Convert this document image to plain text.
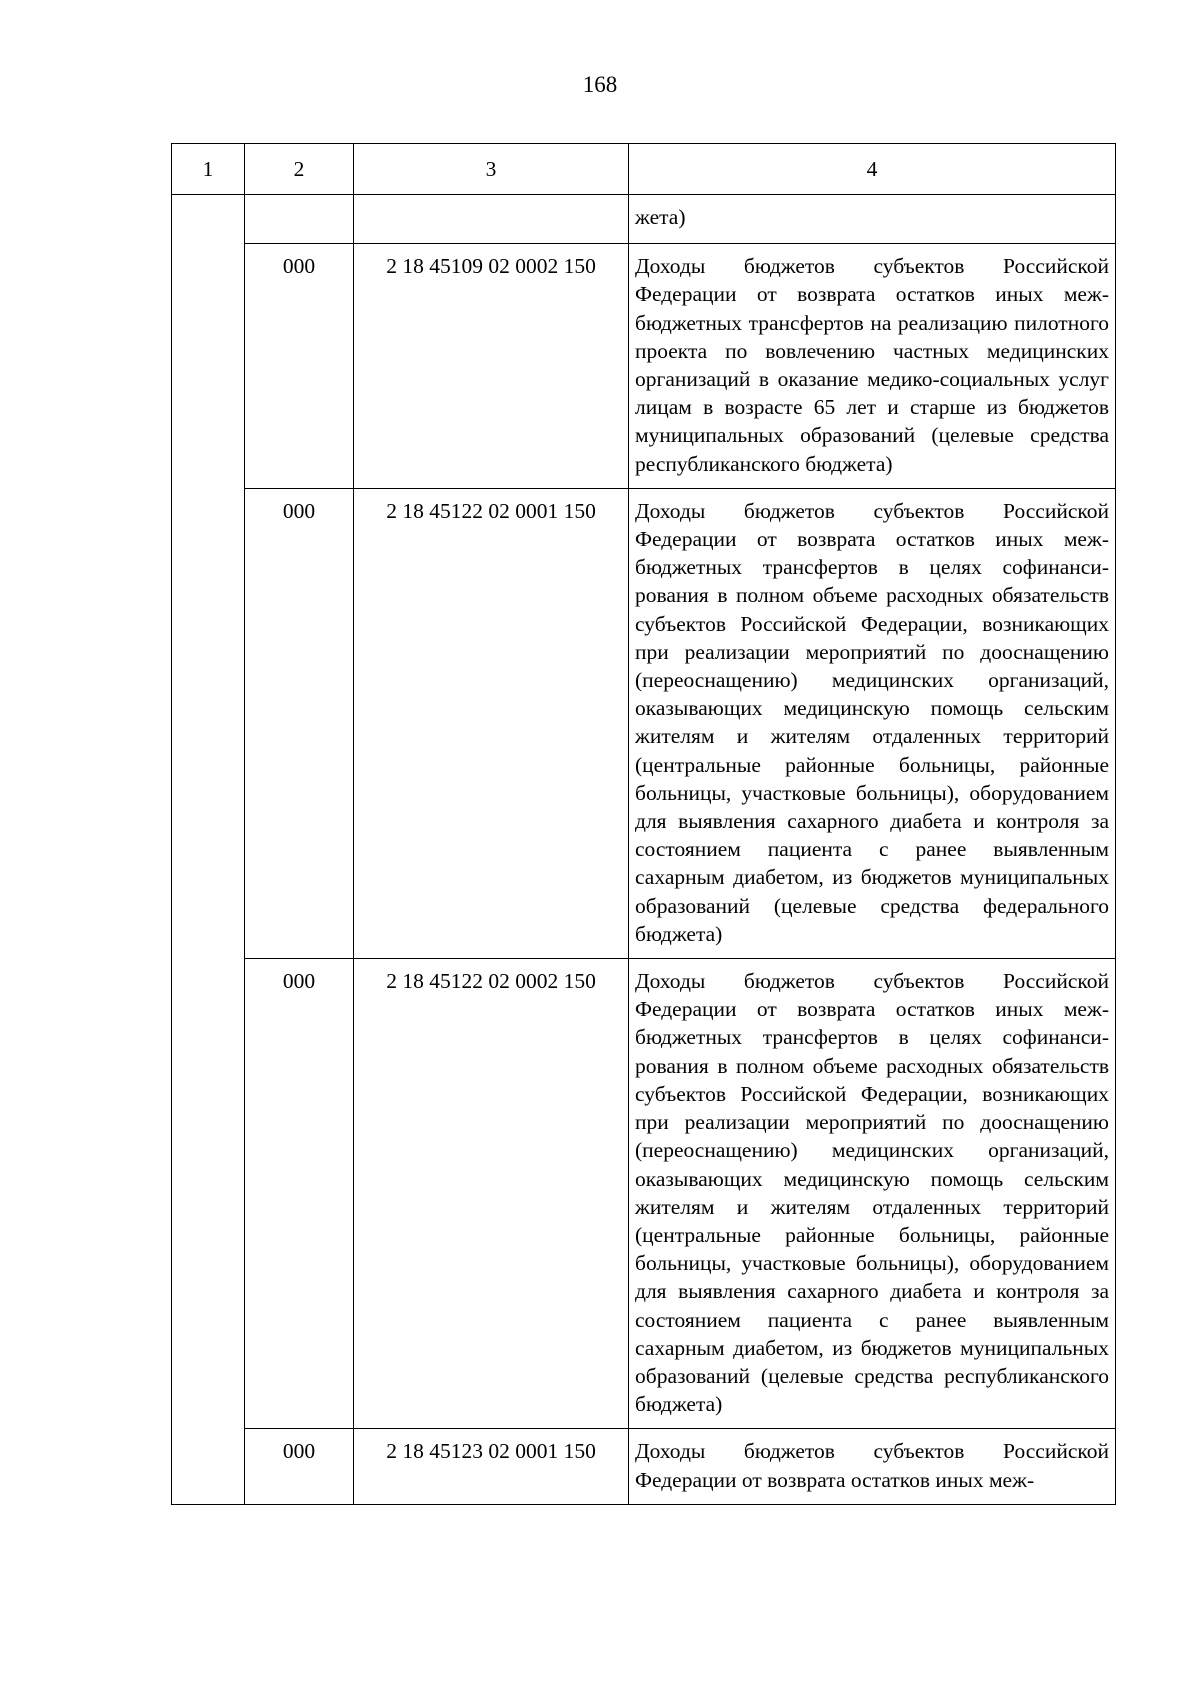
168
1	2	3	4
			жета)
	000	2 18 45109 02 0002 150	Доходы бюджетов субъектов Российской Федерации от возврата остатков иных межбюджетных трансфертов на реализацию пилотного проекта по вовлечению частных медицинских организаций в оказание медико-социальных услуг лицам в возрасте 65 лет и старше из бюджетов муниципальных образований (целевые средства республиканского бюджета)
	000	2 18 45122 02 0001 150	Доходы бюджетов субъектов Российской Федерации от возврата остатков иных межбюджетных трансфертов в целях софинансирования в полном объеме расходных обязательств субъектов Российской Федерации, возникающих при реализации мероприятий по дооснащению (переоснащению) медицинских организаций, оказывающих медицинскую помощь сельским жителям и жителям отдаленных территорий (центральные районные больницы, районные больницы, участковые больницы), оборудованием для выявления сахарного диабета и контроля за состоянием пациента с ранее выявленным сахарным диабетом, из бюджетов муниципальных образований (целевые средства федерального бюджета)
	000	2 18 45122 02 0002 150	Доходы бюджетов субъектов Российской Федерации от возврата остатков иных межбюджетных трансфертов в целях софинансирования в полном объеме расходных обязательств субъектов Российской Федерации, возникающих при реализации мероприятий по дооснащению (переоснащению) медицинских организаций, оказывающих медицинскую помощь сельским жителям и жителям отдаленных территорий (центральные районные больницы, районные больницы, участковые больницы), оборудованием для выявления сахарного диабета и контроля за состоянием пациента с ранее выявленным сахарным диабетом, из бюджетов муниципальных образований (целевые средства республиканского бюджета)
	000	2 18 45123 02 0001 150	Доходы бюджетов субъектов Российской Федерации от возврата остатков иных меж-
